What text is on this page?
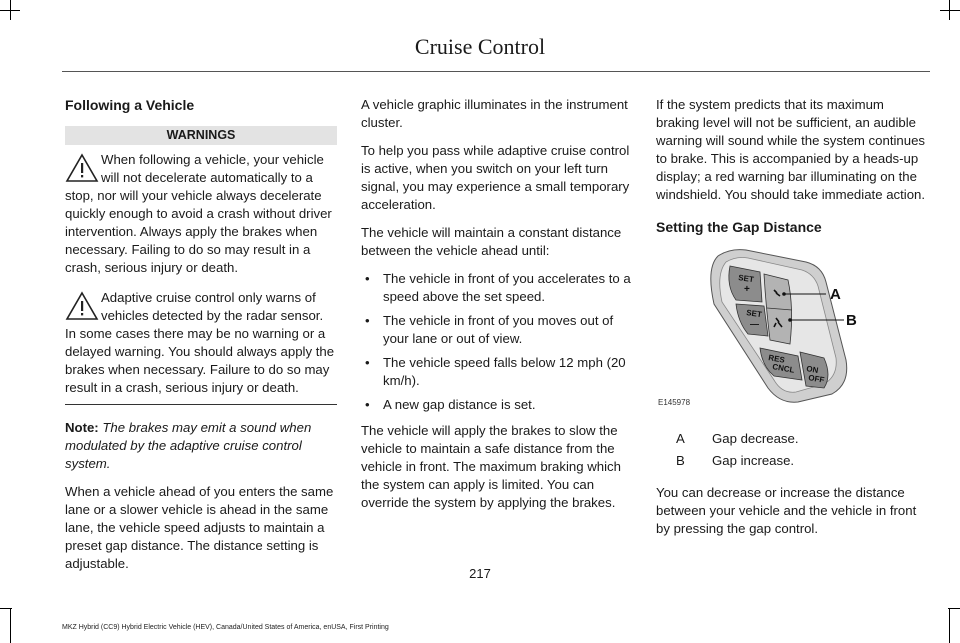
Cruise Control
Following a Vehicle
WARNINGS
When following a vehicle, your vehicle will not decelerate automatically to a
stop, nor will your vehicle always decelerate quickly enough to avoid a crash without driver intervention. Always apply the brakes when necessary. Failing to do so may result in a crash, serious injury or death.
Adaptive cruise control only warns of vehicles detected by the radar sensor.
In some cases there may be no warning or a delayed warning. You should always apply the brakes when necessary. Failure to do so may result in a crash, serious injury or death.

Note: The brakes may emit a sound when modulated by the adaptive cruise control system.

When a vehicle ahead of you enters the same lane or a slower vehicle is ahead in the same lane, the vehicle speed adjusts to maintain a preset gap distance. The distance setting is adjustable.

A vehicle graphic illuminates in the instrument cluster.

To help you pass while adaptive cruise control is active, when you switch on your left turn signal, you may experience a small temporary acceleration.

The vehicle will maintain a constant distance between the vehicle ahead until:

• The vehicle in front of you accelerates to a speed above the set speed.
• The vehicle in front of you moves out of your lane or out of view.
• The vehicle speed falls below 12 mph (20 km/h).
• A new gap distance is set.

The vehicle will apply the brakes to slow the vehicle to maintain a safe distance from the vehicle in front. The maximum braking which the system can apply is limited. You can override the system by applying the brakes.

If the system predicts that its maximum braking level will not be sufficient, an audible warning will sound while the system continues to brake. This is accompanied by a heads-up display; a red warning bar illuminating on the windshield. You should take immediate action.

Setting the Gap Distance
SET
+
SET
—
RES
CNCL ON
OFF
A
B
E145978
A	Gap decrease.
B	Gap increase.

You can decrease or increase the distance between your vehicle and the vehicle in front by pressing the gap control.

217
MKZ Hybrid (CC9) Hybrid Electric Vehicle (HEV), Canada/United States of America, enUSA, First Printing
